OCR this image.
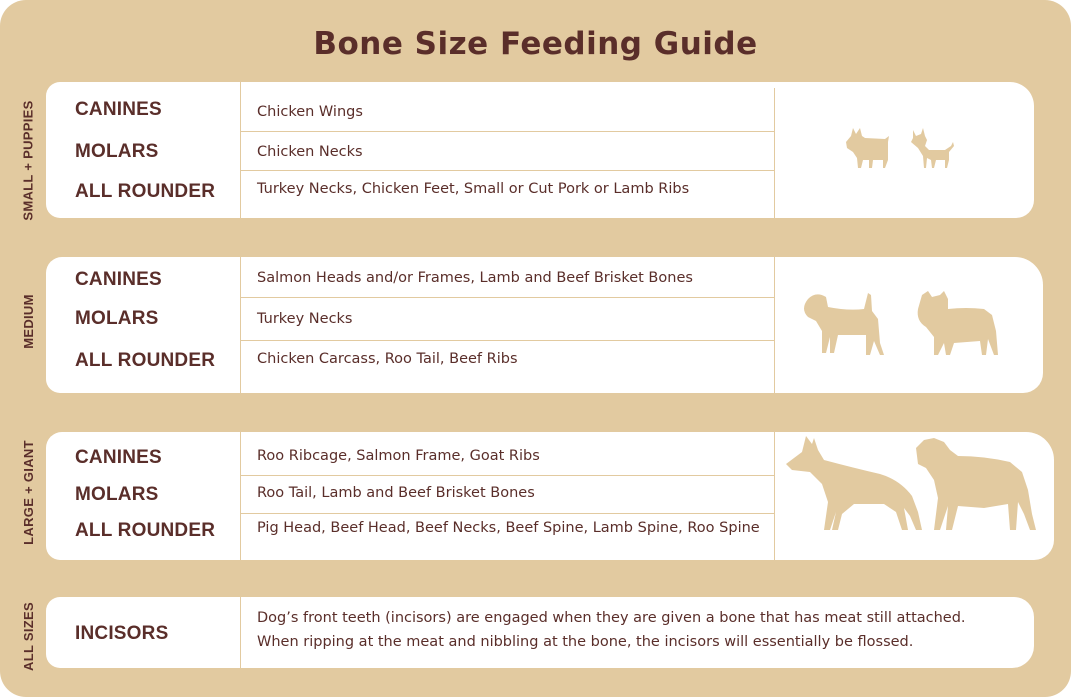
Bone Size Feeding Guide
SMALL + PUPPIES CANINES	Chicken Wings
MOLARS	Chicken Necks
ALL ROUNDER	Turkey Necks, Chicken Feet, Small or Cut Pork or Lamb Ribs
MEDIUM
CANINES	Salmon Heads and/or Frames, Lamb and Beef Brisket Bones
MOLARS	Turkey Necks
ALL ROUNDER	Chicken Carcass, Roo Tail, Beef Ribs
LARGE + GIANT CANINES	Roo Ribcage, Salmon Frame, Goat Ribs
MOLARS	Roo Tail, Lamb and Beef Brisket Bones
ALL ROUNDER	Pig Head, Beef Head, Beef Necks, Beef Spine, Lamb Spine, Roo Spine
ALL SIZES INCISORS
Dog’s front teeth (incisors) are engaged when they are given a bone that has meat still attached.
When ripping at the meat and nibbling at the bone, the incisors will essentially be flossed.
